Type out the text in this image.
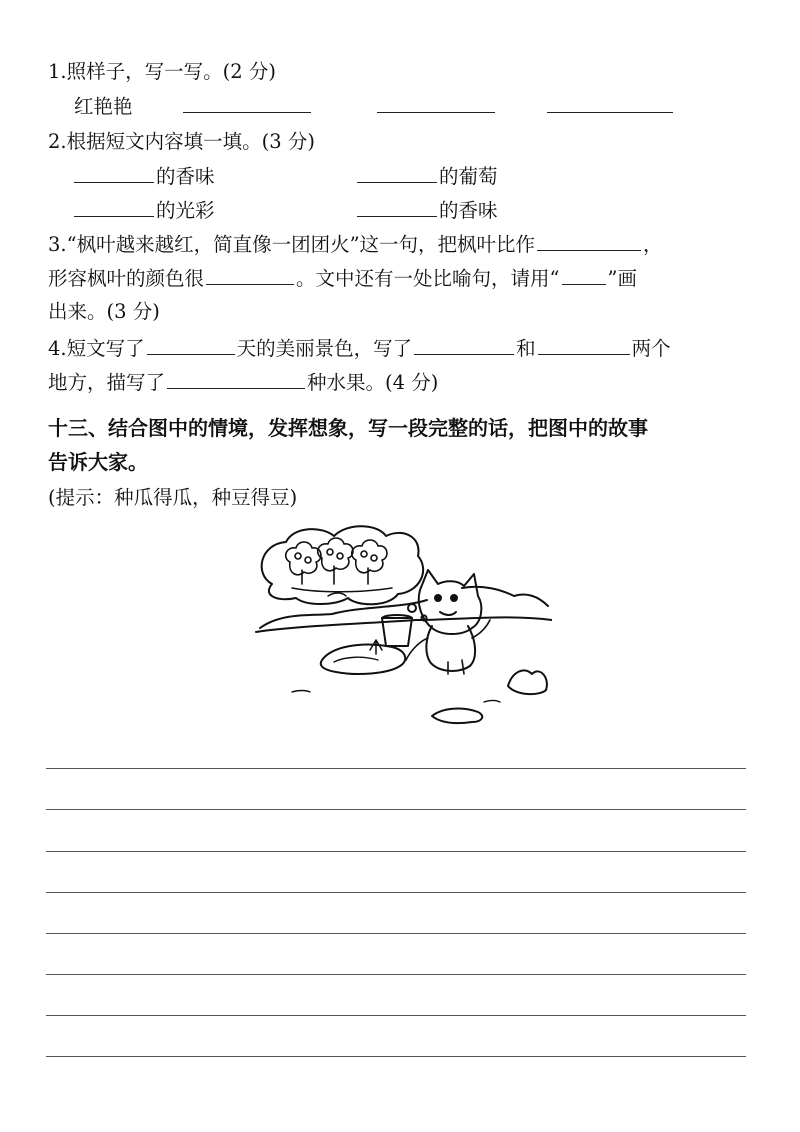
1.照样子，写一写。(2 分)
红艳艳
2.根据短文内容填一填。(3 分)
的香味	的葡萄
的光彩	的香味
3.“枫叶越来越红，简直像一团团火”这一句，把枫叶比作	，
形容枫叶的颜色很	。文中还有一处比喻句，请用“ ”画
出来。(3 分)
4.短文写了	天的美丽景色，写了	和	两个
地方，描写了	种水果。(4 分)
十三、结合图中的情境，发挥想象，写一段完整的话，把图中的故事
告诉大家。
(提示：种瓜得瓜，种豆得豆)
